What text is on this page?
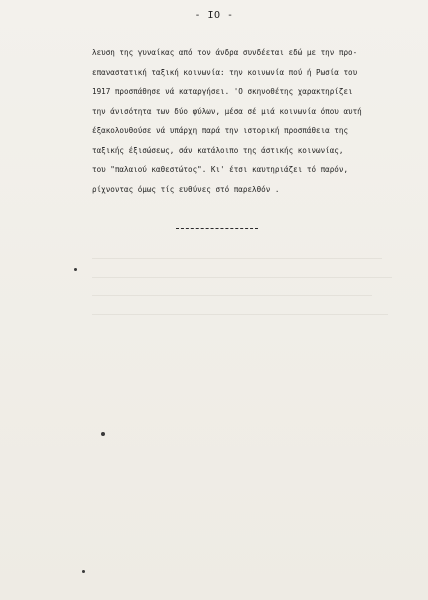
- IO -
λευση της γυναίκας από τον άνδρα συνδέεται εδώ με την προ-
επαναστατική ταξική κοινωνία: την κοινωνία πού ή Ρωσία του
1917 προσπάθησε νά καταργήσει. 'Ο σκηνοθέτης χαρακτηρίζει
την άνισότητα των δύο φύλων, μέσα σέ μιά κοινωνία όπου αυτή
έξακολουθούσε νά υπάρχη παρά την ιστορική προσπάθεια της
ταξικής έξισώσεως, σάν κατάλοιπο της άστικής κοινωνίας,
του "παλαιού καθεστώτος". Κι' έτσι καυτηριάζει τό παρόν,
ρίχνοντας όμως τίς ευθύνες στό παρελθόν .
